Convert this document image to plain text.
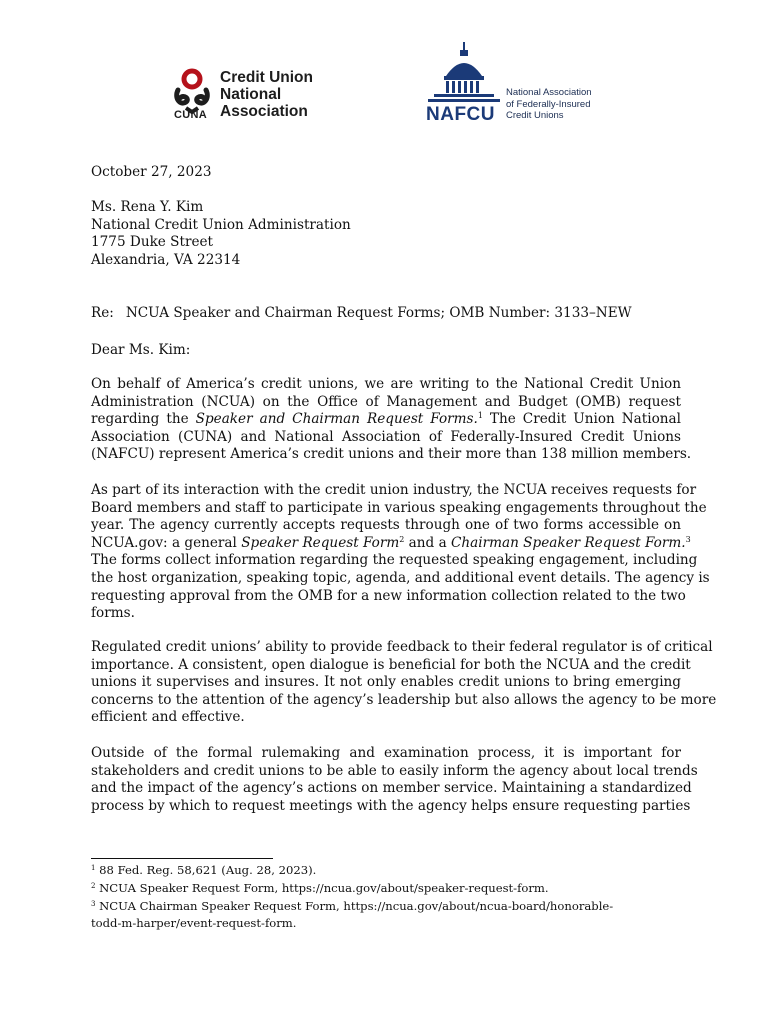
Credit Union
National
Association
CUNA	NAFCU
National Association
of Federally-Insured
Credit Unions
October 27, 2023
Ms. Rena Y. Kim
National Credit Union Administration
1775 Duke Street
Alexandria, VA 22314
Re: NCUA Speaker and Chairman Request Forms; OMB Number: 3133–NEW
Dear Ms. Kim:
On behalf of America’s credit unions, we are writing to the National Credit Union
Administration (NCUA) on the Office of Management and Budget (OMB) request
regarding the Speaker and Chairman Request Forms.$^1$ The Credit Union National
Association (CUNA) and National Association of Federally-Insured Credit Unions
(NAFCU) represent America’s credit unions and their more than 138 million members.
As part of its interaction with the credit union industry, the NCUA receives requests for
Board members and staff to participate in various speaking engagements throughout the
year. The agency currently accepts requests through one of two forms accessible on
NCUA.gov: a general Speaker Request Form$^2$ and a Chairman Speaker Request Form.$^3$
The forms collect information regarding the requested speaking engagement, including
the host organization, speaking topic, agenda, and additional event details. The agency is
requesting approval from the OMB for a new information collection related to the two
forms.
Regulated credit unions’ ability to provide feedback to their federal regulator is of critical
importance. A consistent, open dialogue is beneficial for both the NCUA and the credit
unions it supervises and insures. It not only enables credit unions to bring emerging
concerns to the attention of the agency’s leadership but also allows the agency to be more
efficient and effective.
Outside of the formal rulemaking and examination process, it is important for
stakeholders and credit unions to be able to easily inform the agency about local trends
and the impact of the agency’s actions on member service. Maintaining a standardized
process by which to request meetings with the agency helps ensure requesting parties
$^1$ 88 Fed. Reg. 58,621 (Aug. 28, 2023).
$^2$ NCUA Speaker Request Form, https://ncua.gov/about/speaker-request-form.
$^3$ NCUA Chairman Speaker Request Form, https://ncua.gov/about/ncua-board/honorable-
todd-m-harper/event-request-form.
